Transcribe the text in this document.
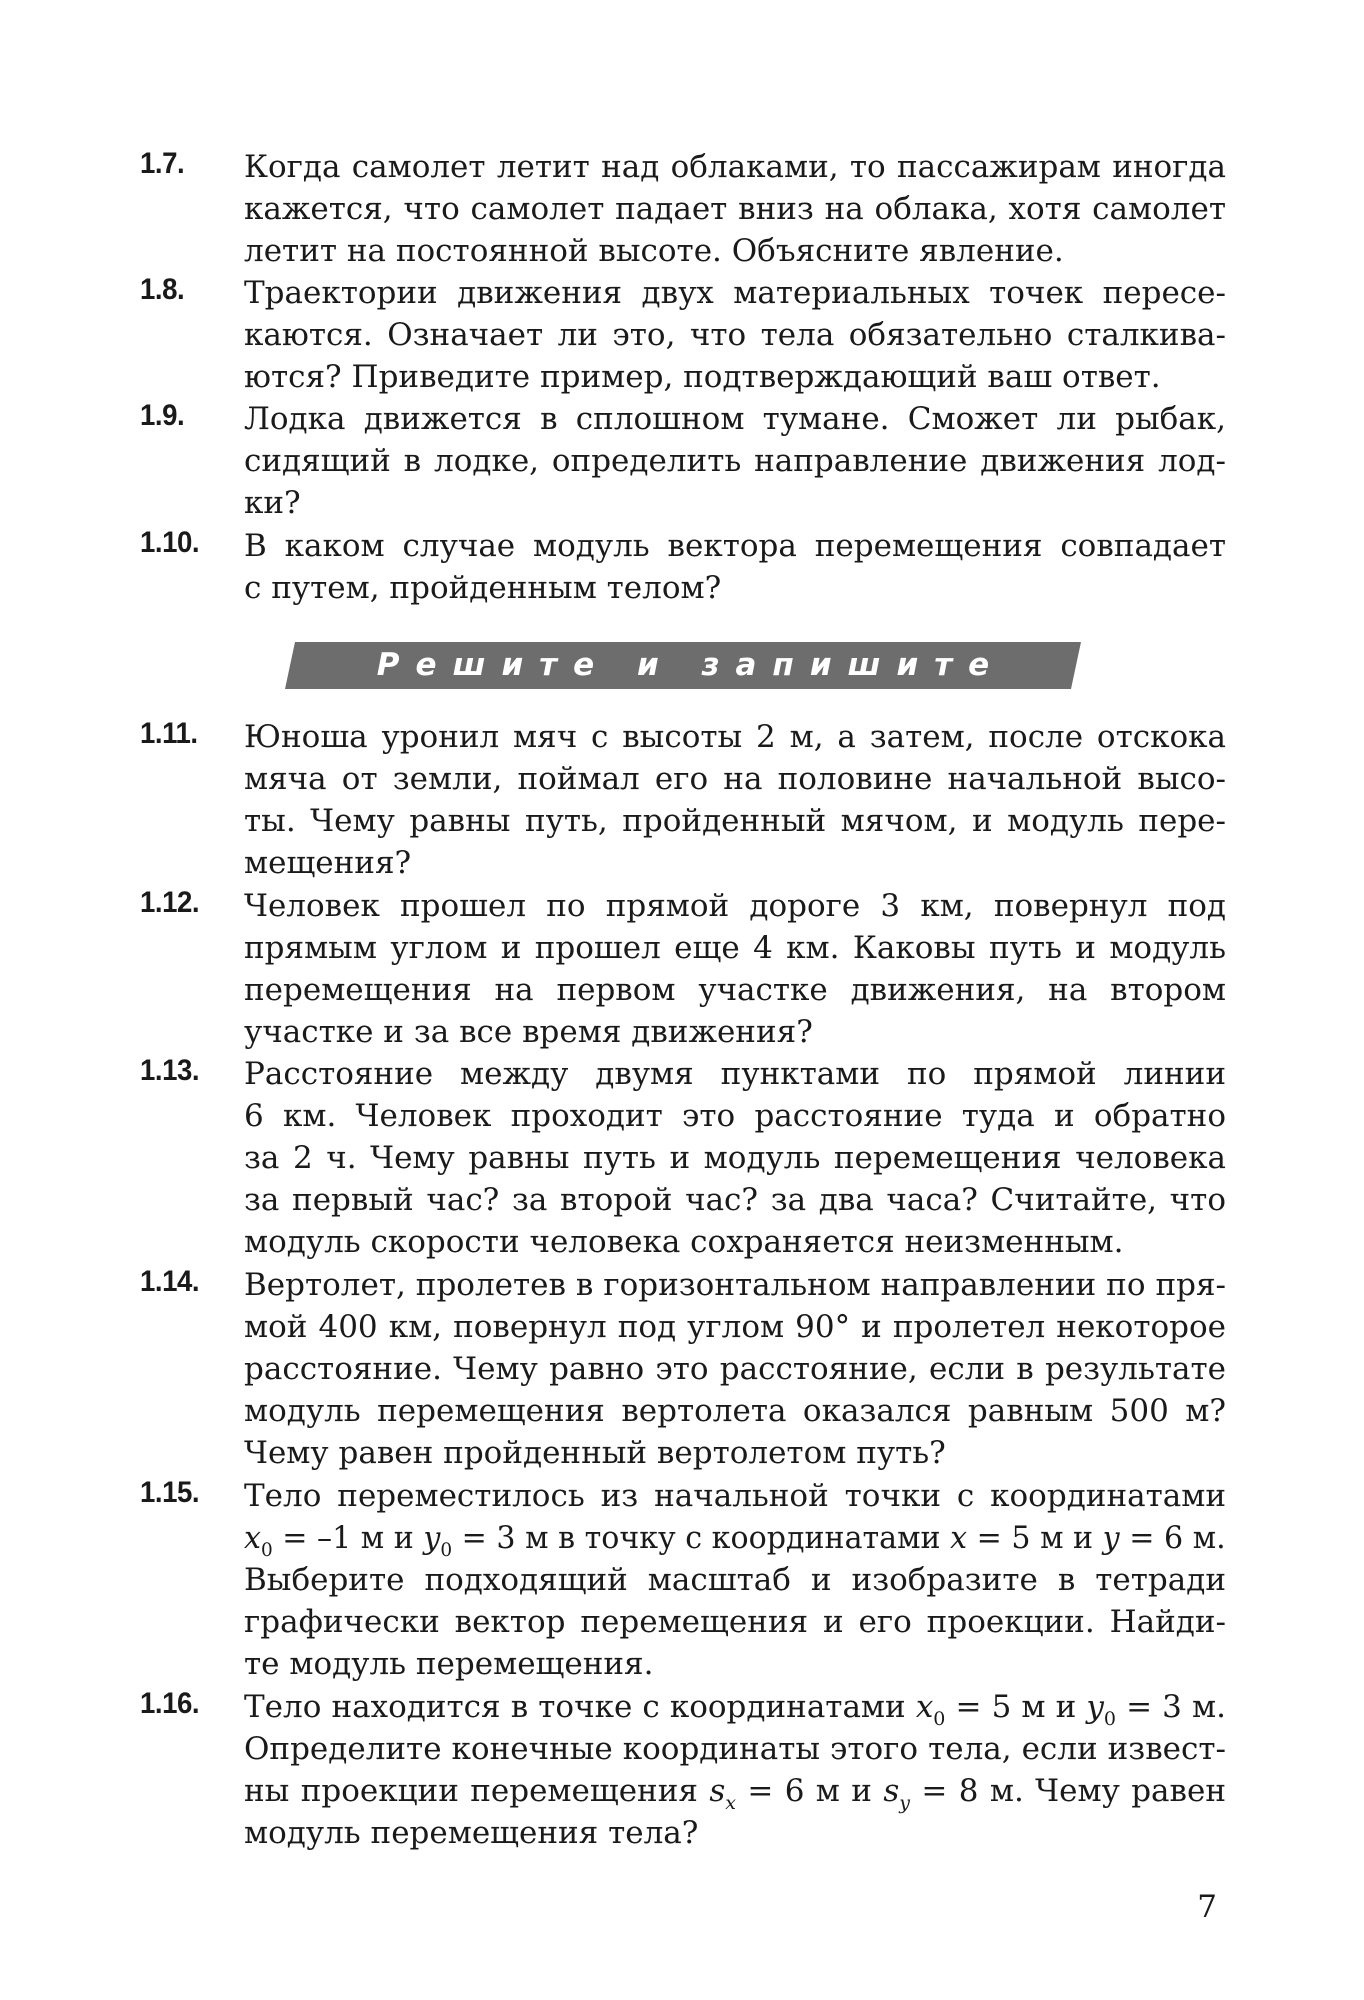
1.7. Когда самолет летит над облаками, то пассажирам иногда
кажется, что самолет падает вниз на облака, хотя самолет
летит на постоянной высоте. Объясните явление.
1.8. Траектории движения двух материальных точек пересе-
каются. Означает ли это, что тела обязательно сталкива-
ются? Приведите пример, подтверждающий ваш ответ.
1.9. Лодка движется в сплошном тумане. Сможет ли рыбак,
сидящий в лодке, определить направление движения лод-
ки?
1.10. В каком случае модуль вектора перемещения совпадает
с путем, пройденным телом?
Решите и запишите
1.11. Юноша уронил мяч с высоты 2 м, а затем, после отскока
мяча от земли, поймал его на половине начальной высо-
ты. Чему равны путь, пройденный мячом, и модуль пере-
мещения?
1.12. Человек прошел по прямой дороге 3 км, повернул под
прямым углом и прошел еще 4 км. Каковы путь и модуль
перемещения на первом участке движения, на втором
участке и за все время движения?
1.13. Расстояние между двумя пунктами по прямой линии
6 км. Человек проходит это расстояние туда и обратно
за 2 ч. Чему равны путь и модуль перемещения человека
за первый час? за второй час? за два часа? Считайте, что
модуль скорости человека сохраняется неизменным.
1.14. Вертолет, пролетев в горизонтальном направлении по пря-
мой 400 км, повернул под углом 90° и пролетел некоторое
расстояние. Чему равно это расстояние, если в результате
модуль перемещения вертолета оказался равным 500 м?
Чему равен пройденный вертолетом путь?
1.15. Тело переместилось из начальной точки с координатами
$x_0 = -1$ м и $y_0 = 3$ м в точку с координатами x = 5 м и y = 6 м.
Выберите подходящий масштаб и изобразите в тетради
графически вектор перемещения и его проекции. Найди-
те модуль перемещения.
1.16. Тело находится в точке с координатами $x_0 = 5$ м и $y_0 = 3$ м.
Определите конечные координаты этого тела, если извест-
ны проекции перемещения $s_x = 6$ м и $s_y = 8$ м. Чему равен
модуль перемещения тела?
7
